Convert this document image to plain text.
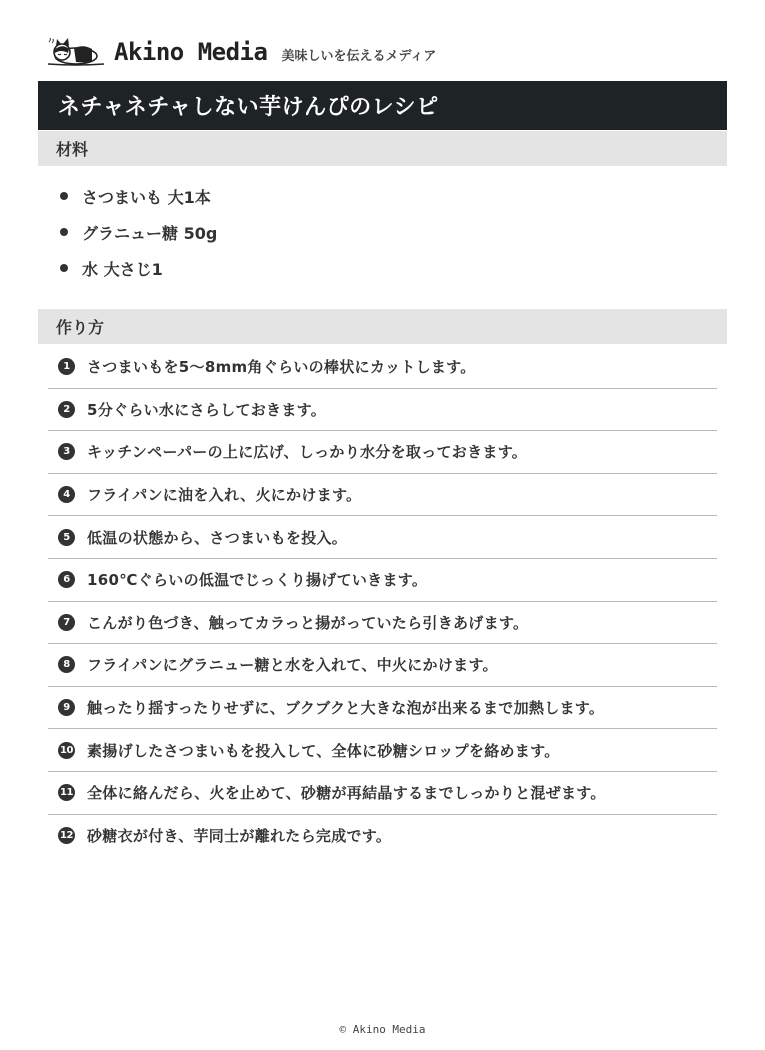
Akino Media 美味しいを伝えるメディア
ネチャネチャしない芋けんぴのレシピ
材料
さつまいも 大1本
グラニュー糖 50g
水 大さじ1
作り方
1	さつまいもを5〜8mm角ぐらいの棒状にカットします。
2	5分ぐらい水にさらしておきます。
3	キッチンペーパーの上に広げ、しっかり水分を取っておきます。
4	フライパンに油を入れ、火にかけます。
5	低温の状態から、さつまいもを投入。
6	160℃ぐらいの低温でじっくり揚げていきます。
7	こんがり色づき、触ってカラっと揚がっていたら引きあげます。
8	フライパンにグラニュー糖と水を入れて、中火にかけます。
9	触ったり揺すったりせずに、ブクブクと大きな泡が出来るまで加熱します。
10 素揚げしたさつまいもを投入して、全体に砂糖シロップを絡めます。
11 全体に絡んだら、火を止めて、砂糖が再結晶するまでしっかりと混ぜます。
12 砂糖衣が付き、芋同士が離れたら完成です。
© Akino Media
